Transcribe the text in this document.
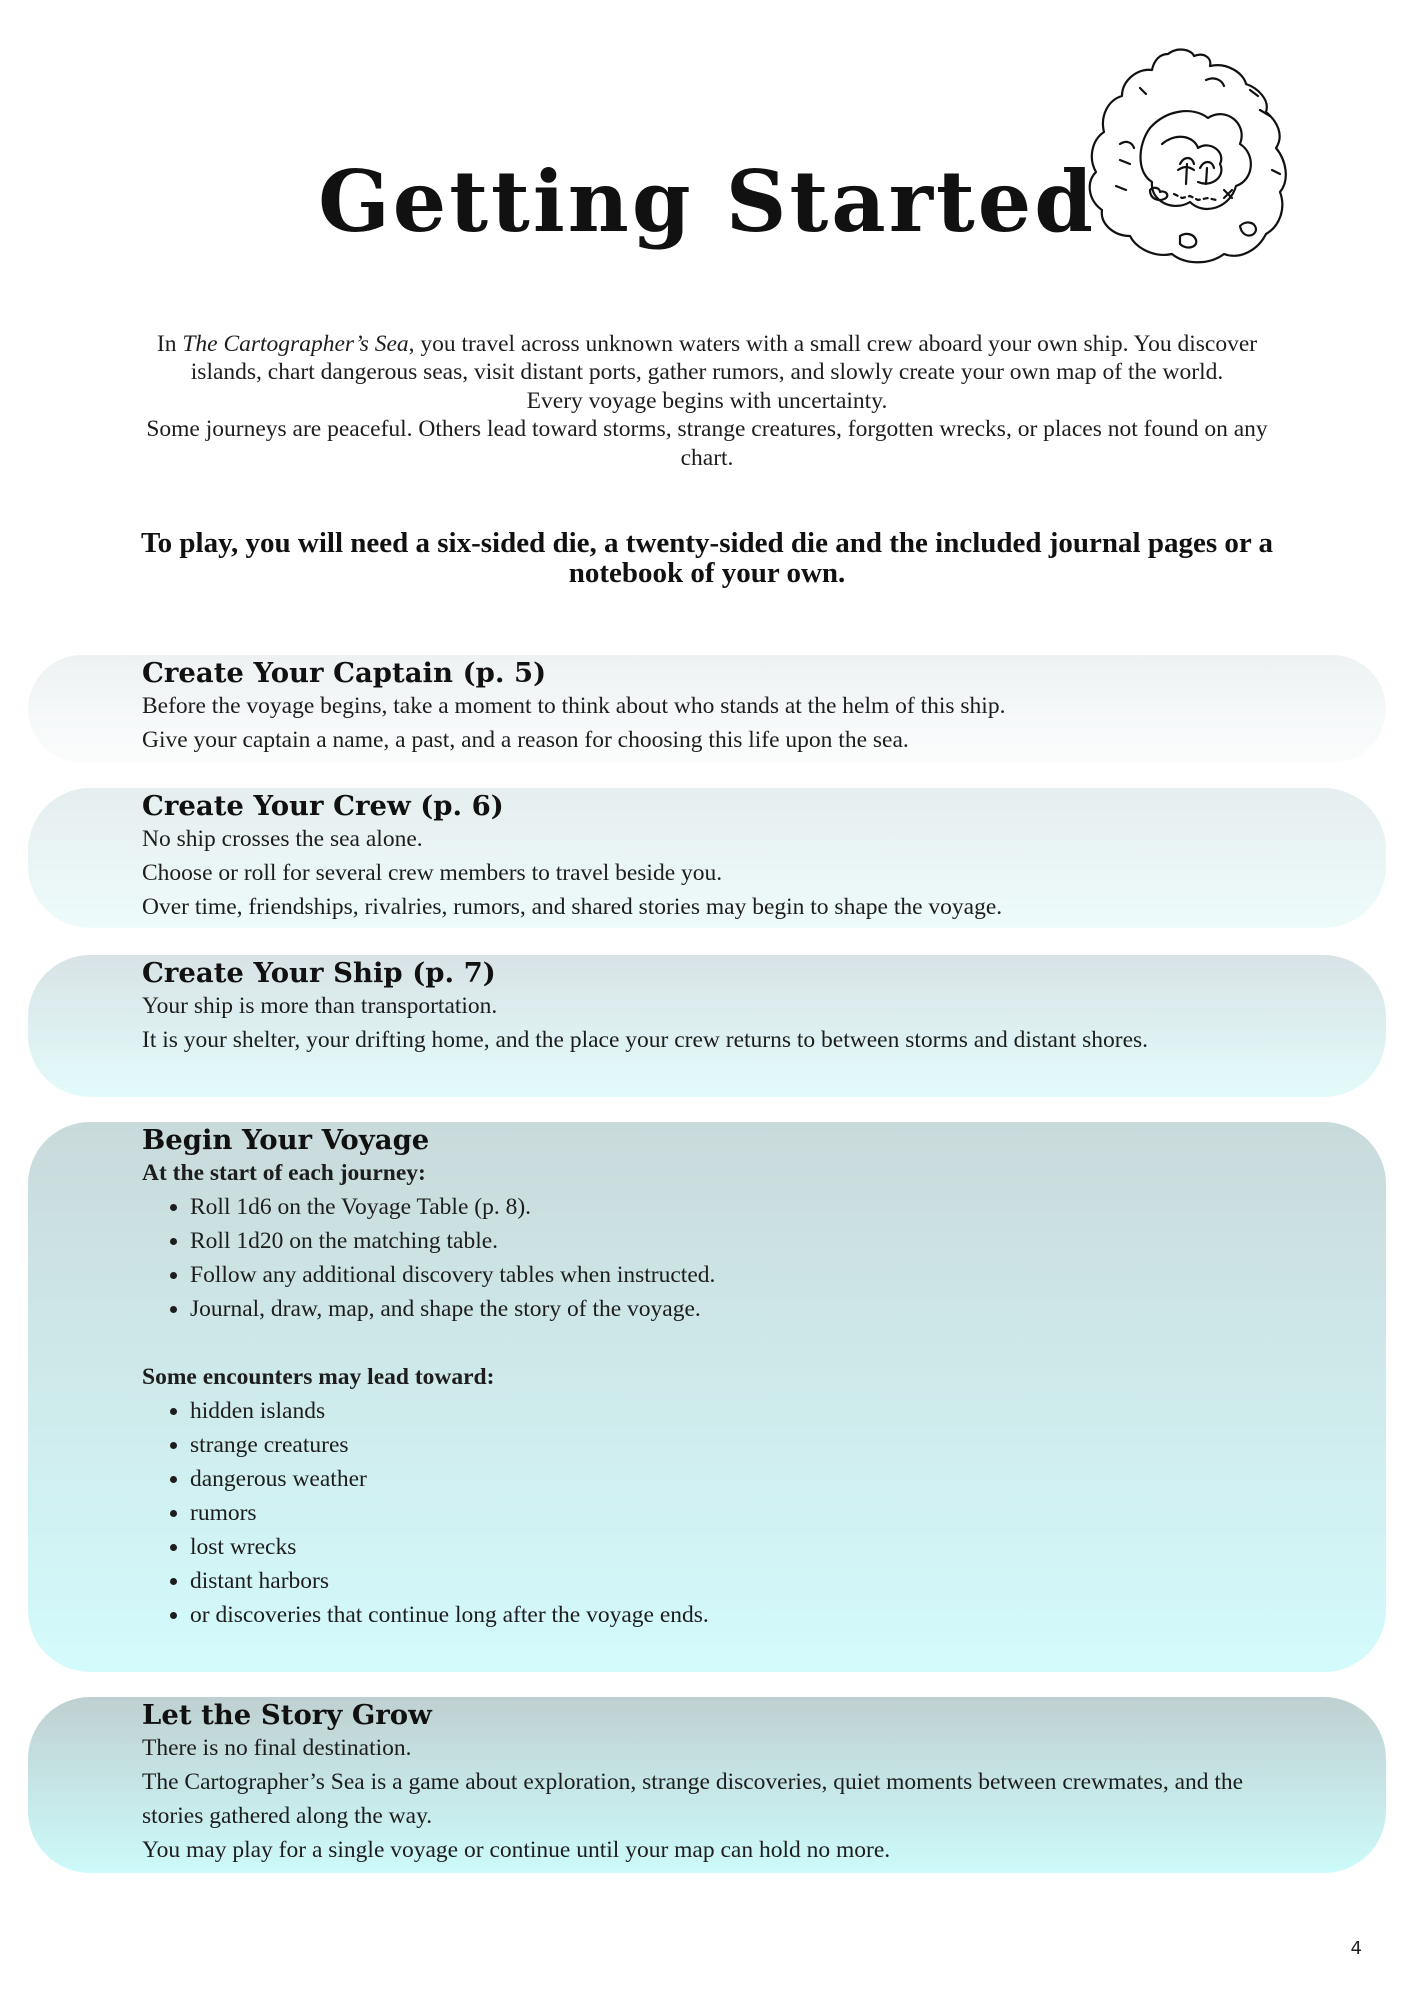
Getting Started

In The Cartographer’s Sea, you travel across unknown waters with a small crew aboard your own ship. You discover islands, chart dangerous seas, visit distant ports, gather rumors, and slowly create your own map of the world.

Every voyage begins with uncertainty.

Some journeys are peaceful. Others lead toward storms, strange creatures, forgotten wrecks, or places not found on any chart.

To play, you will need a six-sided die, a twenty-sided die and the included journal pages or a notebook of your own.
Create Your Captain (p. 5)

Before the voyage begins, take a moment to think about who stands at the helm of this ship.

Give your captain a name, a past, and a reason for choosing this life upon the sea.

Create Your Crew (p. 6)

No ship crosses the sea alone.

Choose or roll for several crew members to travel beside you.

Over time, friendships, rivalries, rumors, and shared stories may begin to shape the voyage.

Create Your Ship (p. 7)

Your ship is more than transportation.

It is your shelter, your drifting home, and the place your crew returns to between storms and distant shores.

Begin Your Voyage

At the start of each journey:

• Roll 1d6 on the Voyage Table (p. 8).
• Roll 1d20 on the matching table.
• Follow any additional discovery tables when instructed.
• Journal, draw, map, and shape the story of the voyage.

Some encounters may lead toward:

• hidden islands
• strange creatures
• dangerous weather
• rumors
• lost wrecks
• distant harbors
• or discoveries that continue long after the voyage ends.
Let the Story Grow

There is no final destination.

The Cartographer’s Sea is a game about exploration, strange discoveries, quiet moments between crewmates, and the stories gathered along the way.

You may play for a single voyage or continue until your map can hold no more.

4
